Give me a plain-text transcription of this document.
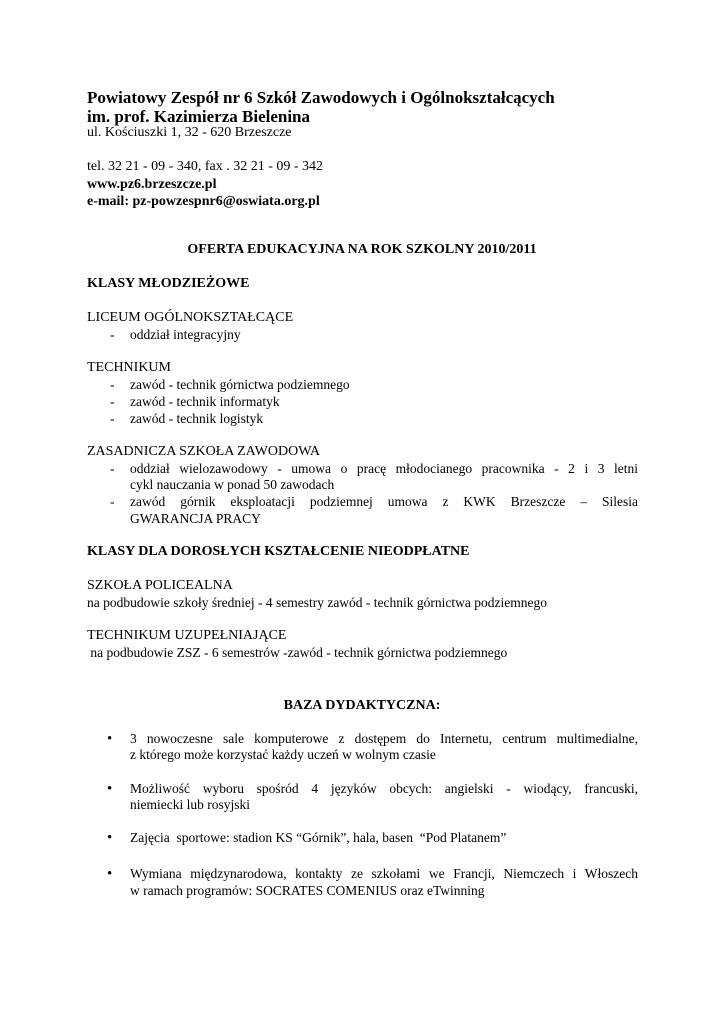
Powiatowy Zespół nr 6 Szkół Zawodowych i Ogólnokształcących
im. prof. Kazimierza Bielenina
ul. Kościuszki 1, 32 - 620 Brzeszcze
tel. 32 21 - 09 - 340, fax . 32 21 - 09 - 342
www.pz6.brzeszcze.pl
e-mail: pz-powzespnr6@oswiata.org.pl
OFERTA EDUKACYJNA NA ROK SZKOLNY 2010/2011
KLASY MŁODZIEŻOWE
LICEUM OGÓLNOKSZTAŁCĄCE
- oddział integracyjny
TECHNIKUM
- zawód - technik górnictwa podziemnego
- zawód - technik informatyk
- zawód - technik logistyk
ZASADNICZA SZKOŁA ZAWODOWA
- oddział wielozawodowy - umowa o pracę młodocianego pracownika - 2 i 3 letni
cykl nauczania w ponad 50 zawodach
- zawód górnik eksploatacji podziemnej umowa z KWK Brzeszcze – Silesia
GWARANCJA PRACY
KLASY DLA DOROSŁYCH KSZTAŁCENIE NIEODPŁATNE
SZKOŁA POLICEALNA
na podbudowie szkoły średniej - 4 semestry zawód - technik górnictwa podziemnego
TECHNIKUM UZUPEŁNIAJĄCE
na podbudowie ZSZ - 6 semestrów -zawód - technik górnictwa podziemnego
BAZA DYDAKTYCZNA:
• 3 nowoczesne sale komputerowe z dostępem do Internetu, centrum multimedialne,
z którego może korzystać każdy uczeń w wolnym czasie
• Możliwość wyboru spośród 4 języków obcych: angielski - wiodący, francuski,
niemiecki lub rosyjski
• Zajęcia  sportowe: stadion KS “Górnik”, hala, basen  “Pod Platanem”
• Wymiana międzynarodowa, kontakty ze szkołami we Francji, Niemczech i Włoszech
w ramach programów: SOCRATES COMENIUS oraz eTwinning
